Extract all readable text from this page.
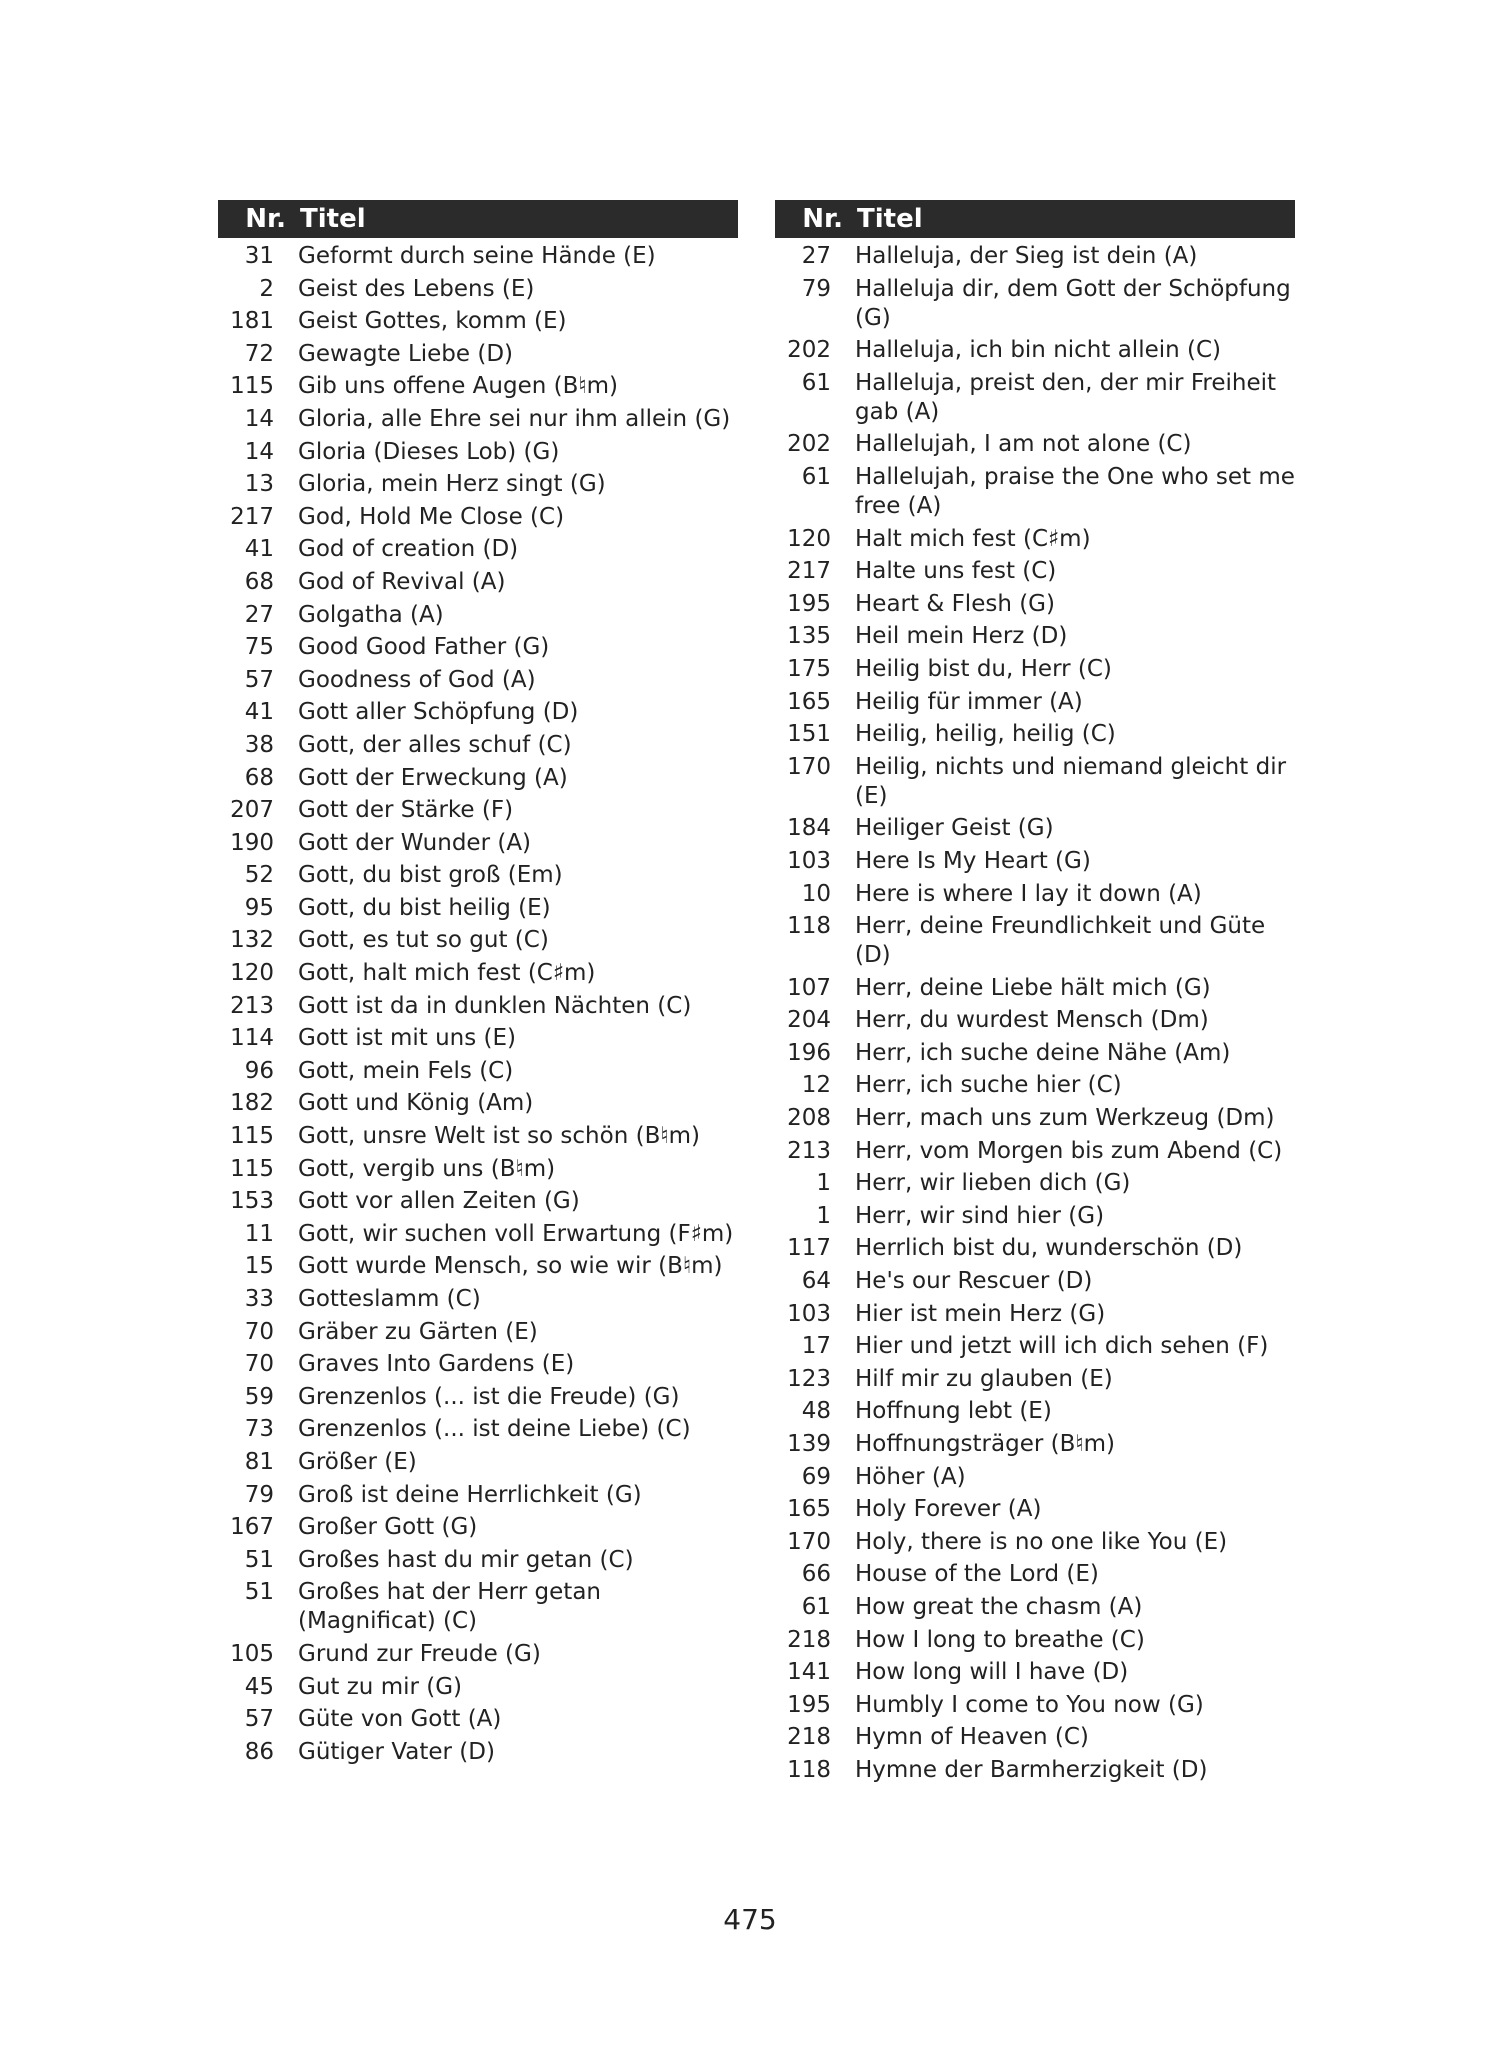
Nr. Titel
31	Geformt durch seine Hände (E)
2	Geist des Lebens (E)
181	Geist Gottes, komm (E)
72	Gewagte Liebe (D)
115	Gib uns offene Augen (B♮m)
14	Gloria, alle Ehre sei nur ihm allein (G)
14	Gloria (Dieses Lob) (G)
13	Gloria, mein Herz singt (G)
217	God, Hold Me Close (C)
41	God of creation (D)
68	God of Revival (A)
27	Golgatha (A)
75	Good Good Father (G)
57	Goodness of God (A)
41	Gott aller Schöpfung (D)
38	Gott, der alles schuf (C)
68	Gott der Erweckung (A)
207	Gott der Stärke (F)
190	Gott der Wunder (A)
52	Gott, du bist groß (Em)
95	Gott, du bist heilig (E)
132	Gott, es tut so gut (C)
120	Gott, halt mich fest (C♯m)
213	Gott ist da in dunklen Nächten (C)
114	Gott ist mit uns (E)
96	Gott, mein Fels (C)
182	Gott und König (Am)
115	Gott, unsre Welt ist so schön (B♮m)
115	Gott, vergib uns (B♮m)
153	Gott vor allen Zeiten (G)
11	Gott, wir suchen voll Erwartung (F♯m)
15	Gott wurde Mensch, so wie wir (B♮m)
33	Gotteslamm (C)
70	Gräber zu Gärten (E)
70	Graves Into Gardens (E)
59	Grenzenlos (... ist die Freude) (G)
73	Grenzenlos (... ist deine Liebe) (C)
81	Größer (E)
79	Groß ist deine Herrlichkeit (G)
167	Großer Gott (G)
51	Großes hast du mir getan (C)
51	Großes hat der Herr getan (Magnificat) (C)
105	Grund zur Freude (G)
45	Gut zu mir (G)
57	Güte von Gott (A)
86	Gütiger Vater (D)
Nr. Titel
27	Halleluja, der Sieg ist dein (A)
79	Halleluja dir, dem Gott der Schöpfung (G)
202	Halleluja, ich bin nicht allein (C)
61	Halleluja, preist den, der mir Freiheit gab (A)
202	Hallelujah, I am not alone (C)
61	Hallelujah, praise the One who set me free (A)
120	Halt mich fest (C♯m)
217	Halte uns fest (C)
195	Heart & Flesh (G)
135	Heil mein Herz (D)
175	Heilig bist du, Herr (C)
165	Heilig für immer (A)
151	Heilig, heilig, heilig (C)
170	Heilig, nichts und niemand gleicht dir (E)
184	Heiliger Geist (G)
103	Here Is My Heart (G)
10	Here is where I lay it down (A)
118	Herr, deine Freundlichkeit und Güte (D)
107	Herr, deine Liebe hält mich (G)
204	Herr, du wurdest Mensch (Dm)
196	Herr, ich suche deine Nähe (Am)
12	Herr, ich suche hier (C)
208	Herr, mach uns zum Werkzeug (Dm)
213	Herr, vom Morgen bis zum Abend (C)
1	Herr, wir lieben dich (G)
1	Herr, wir sind hier (G)
117	Herrlich bist du, wunderschön (D)
64	He's our Rescuer (D)
103	Hier ist mein Herz (G)
17	Hier und jetzt will ich dich sehen (F)
123	Hilf mir zu glauben (E)
48	Hoffnung lebt (E)
139	Hoffnungsträger (B♮m)
69	Höher (A)
165	Holy Forever (A)
170	Holy, there is no one like You (E)
66	House of the Lord (E)
61	How great the chasm (A)
218	How I long to breathe (C)
141	How long will I have (D)
195	Humbly I come to You now (G)
218	Hymn of Heaven (C)
118	Hymne der Barmherzigkeit (D)
475
